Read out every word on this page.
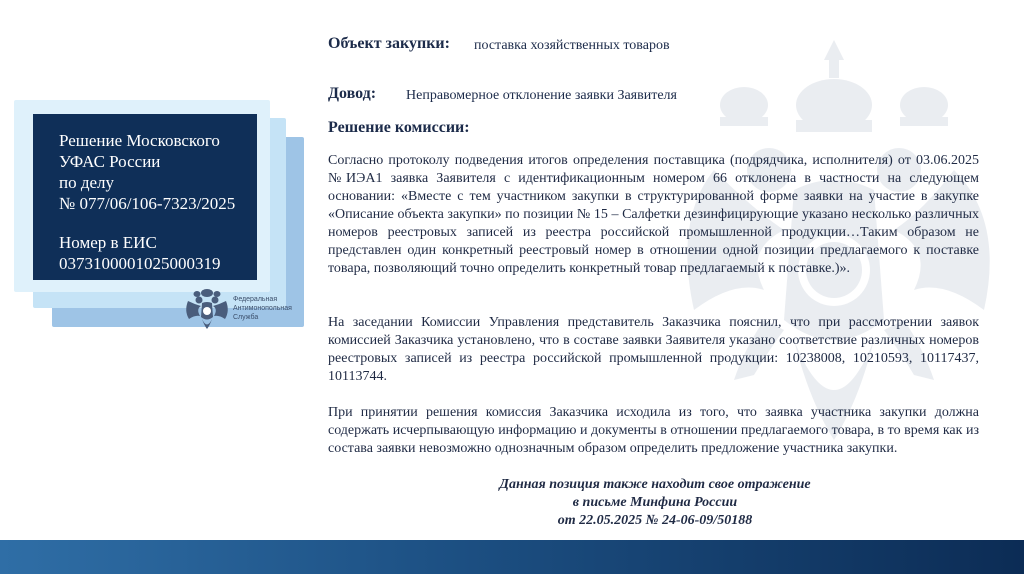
Решение Московского
УФАС России
по делу
№ 077/06/106-7323/2025
Номер в ЕИС
0373100001025000319
Федеральная
Антимонопольная
Служба
Объект закупки: поставка хозяйственных товаров
Довод: Неправомерное отклонение заявки Заявителя
Решение комиссии:
Согласно протоколу подведения итогов определения поставщика (подрядчика, исполнителя) от 03.06.2025 №ИЭА1 заявка Заявителя с идентификационным номером 66 отклонена в частности на следующем основании: «Вместе с тем участником закупки в структурированной форме заявки на участие в закупке «Описание объекта закупки» по позиции № 15 – Салфетки дезинфицирующие указано несколько различных номеров реестровых записей из реестра российской промышленной продукции…Таким образом не представлен один конкретный реестровый номер в отношении одной позиции предлагаемого к поставке товара, позволяющий точно определить конкретный товар предлагаемый к поставке.)».
На заседании Комиссии Управления представитель Заказчика пояснил, что при рассмотрении заявок комиссией Заказчика установлено, что в составе заявки Заявителя указано соответствие различных номеров реестровых записей из реестра российской промышленной продукции: 10238008, 10210593, 10117437, 10113744.
При принятии решения комиссия Заказчика исходила из того, что заявка участника закупки должна содержать исчерпывающую информацию и документы в отношении предлагаемого товара, в то время как из состава заявки невозможно однозначным образом определить предложение участника закупки.
Данная позиция также находит свое отражение
в письме Минфина России
от 22.05.2025 № 24-06-09/50188
